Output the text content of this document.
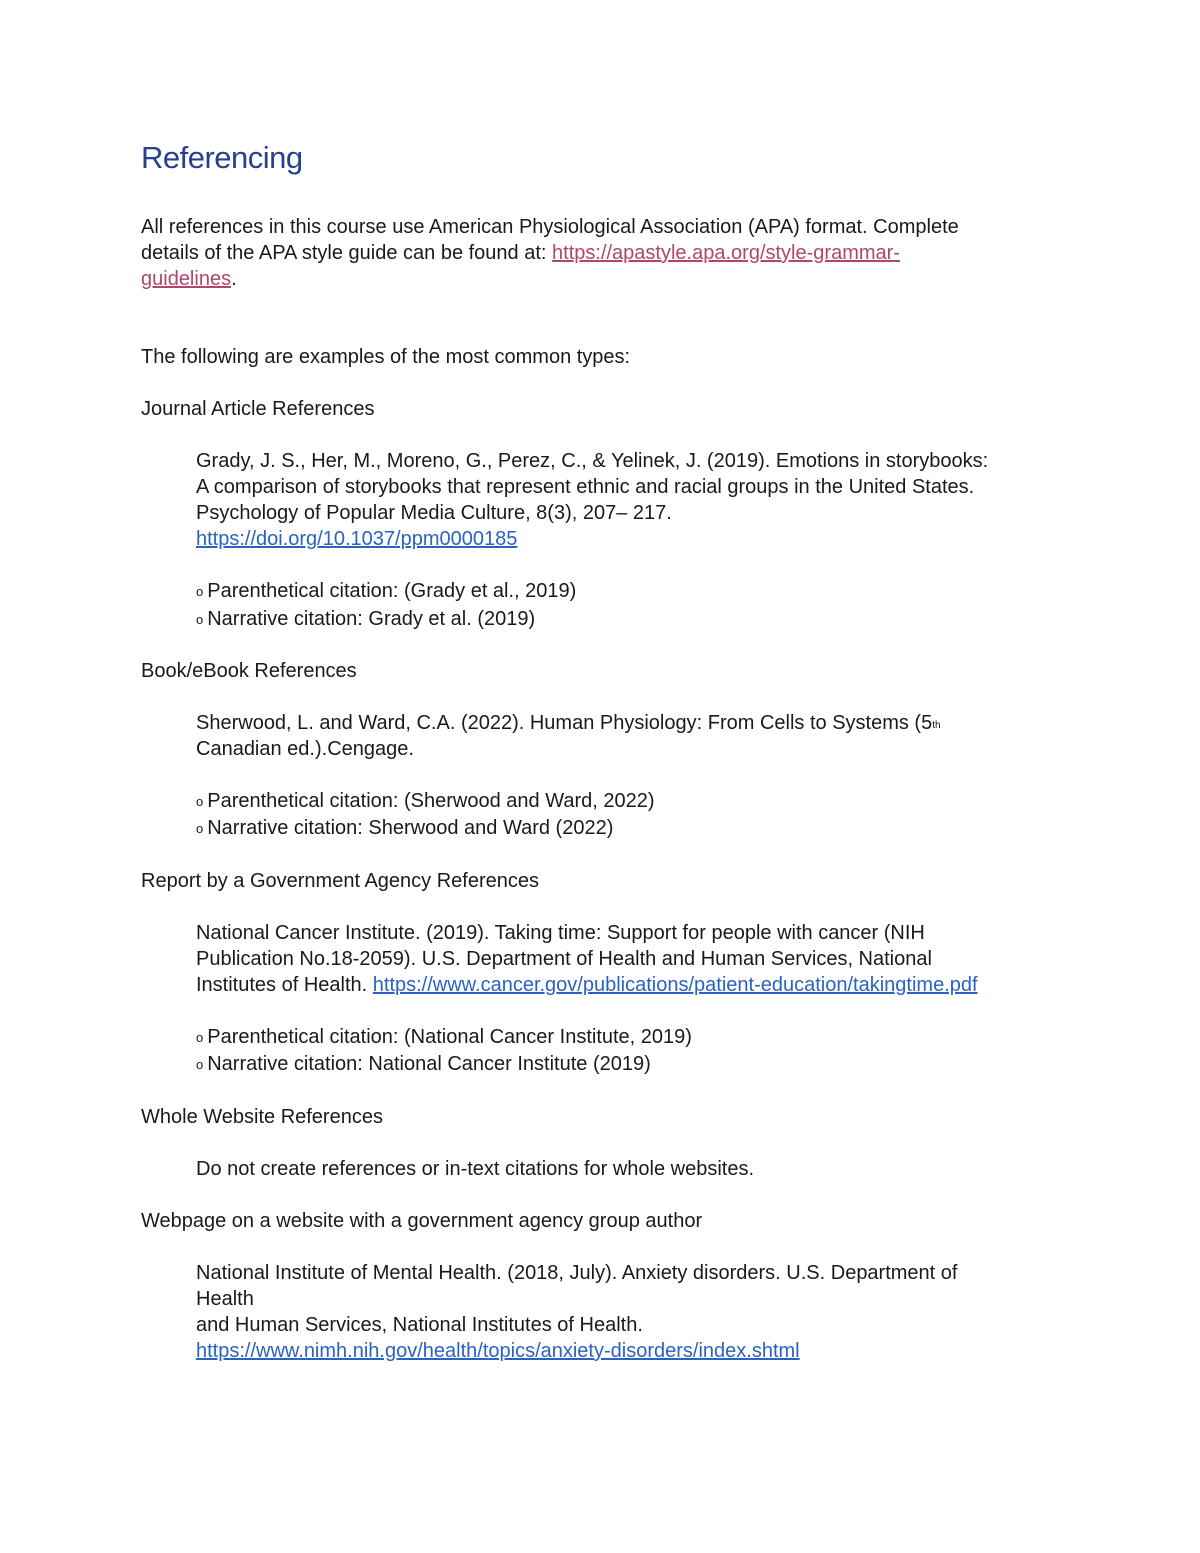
Referencing
All references in this course use American Physiological Association (APA) format. Complete
details of the APA style guide can be found at: https://apastyle.apa.org/style-grammar-
guidelines.
The following are examples of the most common types:
Journal Article References
Grady, J. S., Her, M., Moreno, G., Perez, C., & Yelinek, J. (2019). Emotions in storybooks:
A comparison of storybooks that represent ethnic and racial groups in the United States.
Psychology of Popular Media Culture, 8(3), 207– 217.
https://doi.org/10.1037/ppm0000185
o Parenthetical citation: (Grady et al., 2019)
o Narrative citation: Grady et al. (2019)
Book/eBook References
Sherwood, L. and Ward, C.A. (2022). Human Physiology: From Cells to Systems (5th
Canadian ed.).Cengage.
o Parenthetical citation: (Sherwood and Ward, 2022)
o Narrative citation: Sherwood and Ward (2022)
Report by a Government Agency References
National Cancer Institute. (2019). Taking time: Support for people with cancer (NIH
Publication No.18-2059). U.S. Department of Health and Human Services, National
Institutes of Health. https://www.cancer.gov/publications/patient-education/takingtime.pdf
o Parenthetical citation: (National Cancer Institute, 2019)
o Narrative citation: National Cancer Institute (2019)
Whole Website References
Do not create references or in-text citations for whole websites.
Webpage on a website with a government agency group author
National Institute of Mental Health. (2018, July). Anxiety disorders. U.S. Department of
Health
and Human Services, National Institutes of Health.
https://www.nimh.nih.gov/health/topics/anxiety-disorders/index.shtml
